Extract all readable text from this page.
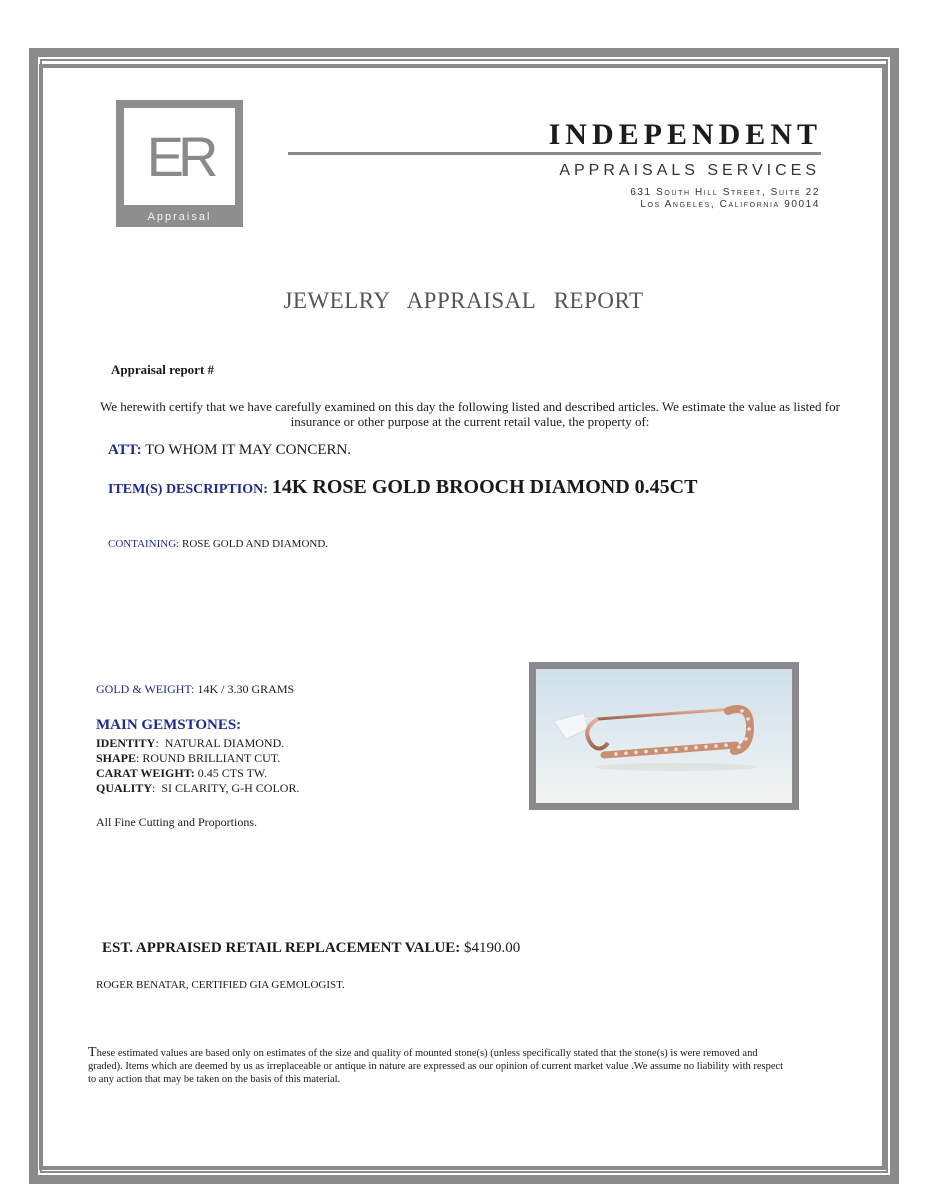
ER
Appraisal
INDEPENDENT
APPRAISALS SERVICES
631 South Hill Street, Suite 22
Los Angeles, California 90014
JEWELRY APPRAISAL REPORT
Appraisal report #
We herewith certify that we have carefully examined on this day the following listed and described articles. We estimate the value as listed for insurance or other purpose at the current retail value, the property of:
ATT: TO WHOM IT MAY CONCERN.
ITEM(S) DESCRIPTION: 14K ROSE GOLD BROOCH DIAMOND 0.45CT
CONTAINING: ROSE GOLD AND DIAMOND.
GOLD & WEIGHT: 14K / 3.30 GRAMS
MAIN GEMSTONES:
IDENTITY:  NATURAL DIAMOND.
SHAPE: ROUND BRILLIANT CUT.
CARAT WEIGHT: 0.45 CTS TW.
QUALITY:  SI CLARITY, G-H COLOR.
All Fine Cutting and Proportions.
EST. APPRAISED RETAIL REPLACEMENT VALUE: $4190.00
ROGER BENATAR, CERTIFIED GIA GEMOLOGIST.
These estimated values are based only on estimates of the size and quality of mounted stone(s) (unless specifically stated that the stone(s) is were removed and graded). Items which are deemed by us as irreplaceable or antique in nature are expressed as our opinion of current market value .We assume no liability with respect to any action that may be taken on the basis of this material.
